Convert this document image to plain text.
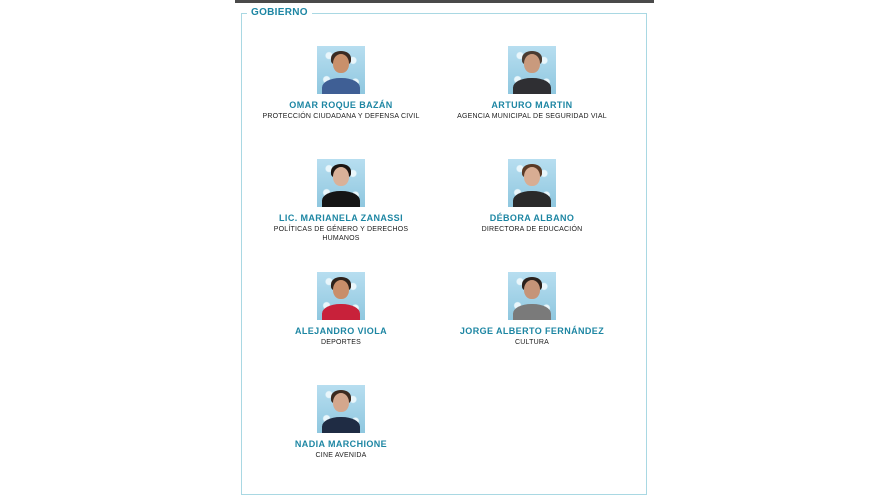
GOBIERNO
OMAR ROQUE BAZÁN
PROTECCIÓN CIUDADANA Y DEFENSA CIVIL
ARTURO MARTIN
AGENCIA MUNICIPAL DE SEGURIDAD VIAL
LIC. MARIANELA ZANASSI
POLÍTICAS DE GÉNERO Y DERECHOS HUMANOS
DÉBORA ALBANO
DIRECTORA DE EDUCACIÓN
ALEJANDRO VIOLA
DEPORTES
JORGE ALBERTO FERNÁNDEZ
CULTURA
NADIA MARCHIONE
CINE AVENIDA
